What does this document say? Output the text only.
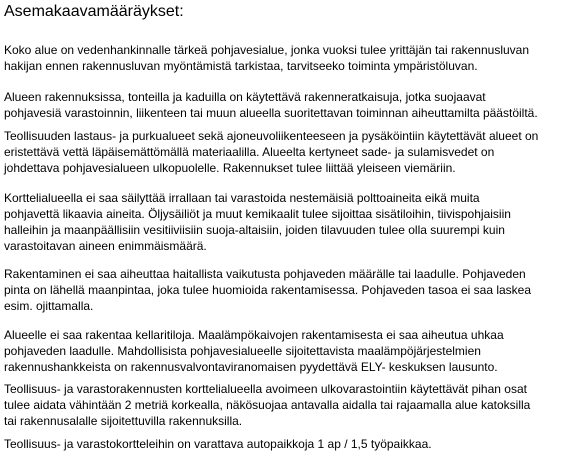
Asemakaavamääräykset:

Koko alue on vedenhankinnalle tärkeä pohjavesialue, jonka vuoksi tulee yrittäjän tai rakennusluvan
hakijan ennen rakennusluvan myöntämistä tarkistaa, tarvitseeko toiminta ympäristöluvan.

Alueen rakennuksissa, tonteilla ja kaduilla on käytettävä rakenneratkaisuja, jotka suojaavat
pohjavesiä varastoinnin, liikenteen tai muun alueella suoritettavan toiminnan aiheuttamilta päästöiltä.

Teollisuuden lastaus- ja purkualueet sekä ajoneuvoliikenteeseen ja pysäköintiin käytettävät alueet on
eristettävä vettä läpäisemättömällä materiaalilla. Alueelta kertyneet sade- ja sulamisvedet on
johdettava pohjavesialueen ulkopuolelle. Rakennukset tulee liittää yleiseen viemäriin.

Korttelialueella ei saa säilyttää irrallaan tai varastoida nestemäisiä polttoaineita eikä muita
pohjavettä likaavia aineita. Öljysäiliöt ja muut kemikaalit tulee sijoittaa sisätiloihin, tiivispohjaisiin
halleihin ja maanpäällisiin vesitiiviisiin suoja-altaisiin, joiden tilavuuden tulee olla suurempi kuin
varastoitavan aineen enimmäismäärä.

Rakentaminen ei saa aiheuttaa haitallista vaikutusta pohjaveden määrälle tai laadulle. Pohjaveden
pinta on lähellä maanpintaa, joka tulee huomioida rakentamisessa. Pohjaveden tasoa ei saa laskea
esim. ojittamalla.

Alueelle ei saa rakentaa kellaritiloja. Maalämpökaivojen rakentamisesta ei saa aiheutua uhkaa
pohjaveden laadulle. Mahdollisista pohjavesialueelle sijoitettavista maalämpöjärjestelmien
rakennushankkeista on rakennusvalvontaviranomaisen pyydettävä ELY- keskuksen lausunto.

Teollisuus- ja varastorakennusten korttelialueella avoimeen ulkovarastointiin käytettävät pihan osat
tulee aidata vähintään 2 metriä korkealla, näkösuojaa antavalla aidalla tai rajaamalla alue katoksilla
tai rakennusalalle sijoitettuvilla rakennuksilla.

Teollisuus- ja varastokortteleihin on varattava autopaikkoja 1 ap / 1,5 työpaikkaa.
